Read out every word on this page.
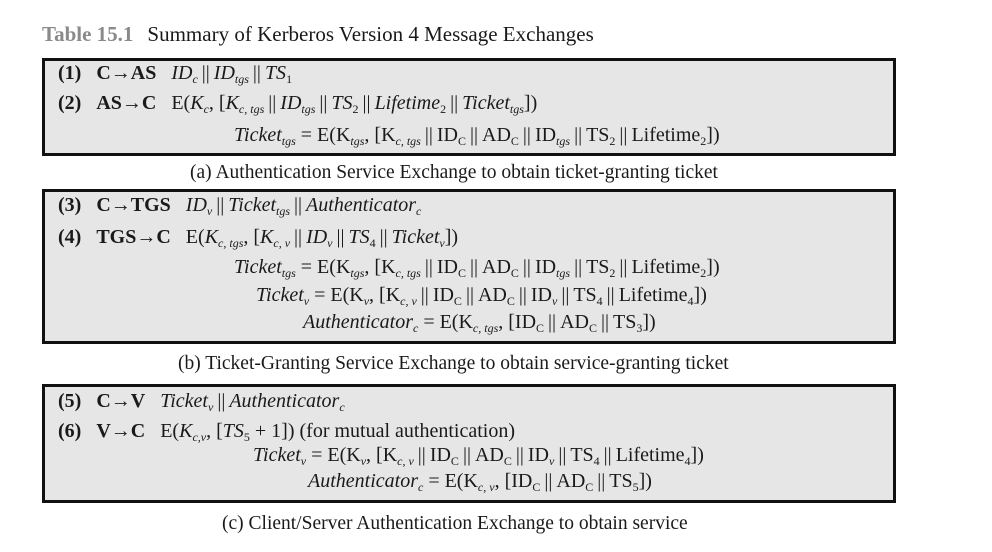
Table 15.1 Summary of Kerberos Version 4 Message Exchanges
(1) C→AS $ID_c$ || $ID_{tgs}$ || $TS_1$
(2) AS→C $E(K_c$, [$K_{c, tgs}$ || $ID_{tgs}$ || $TS_2$ || Lifetime$_2$ || Ticket$_{tgs}$])
Ticket$_{tgs}$ = $E(K_{tgs}$, [$K_{c, tgs}$ || $ID_C$ || $AD_C$ || $ID_{tgs}$ || $TS_2$ || Lifetime$_2$])
(a) Authentication Service Exchange to obtain ticket-granting ticket
(3) C→TGS $ID_v$ || Ticket$_{tgs}$ || Authenticator$_c$
(4) TGS→C $E(K_{c, tgs}$, [$K_{c, v}$ || $ID_v$ || $TS_4$ || Ticket$_v$])
Ticket$_{tgs}$ = $E(K_{tgs}$, [$K_{c, tgs}$ || $ID_C$ || $AD_C$ || $ID_{tgs}$ || $TS_2$ || Lifetime$_2$])
Ticket$_v$ = $E(K_v$, [$K_{c, v}$ || $ID_C$ || $AD_C$ || $ID_v$ || $TS_4$ || Lifetime$_4$])
Authenticator$_c$ = $E(K_{c, tgs}$, [$ID_C$ || $AD_C$ || $TS_3$])
(b) Ticket-Granting Service Exchange to obtain service-granting ticket
(5) C→V Ticket$_v$ || Authenticator$_c$
(6) V→C $E(K_{c,v}$, $[TS_5 + 1]$) (for mutual authentication)
Ticket$_v$ = $E(K_v$, [$K_{c, v}$ || $ID_C$ || $AD_C$ || $ID_v$ || $TS_4$ || Lifetime$_4$])
Authenticator$_c$ = $E(K_{c, v}$, [$ID_C$ || $AD_C$ || $TS_5$])
(c) Client/Server Authentication Exchange to obtain service
